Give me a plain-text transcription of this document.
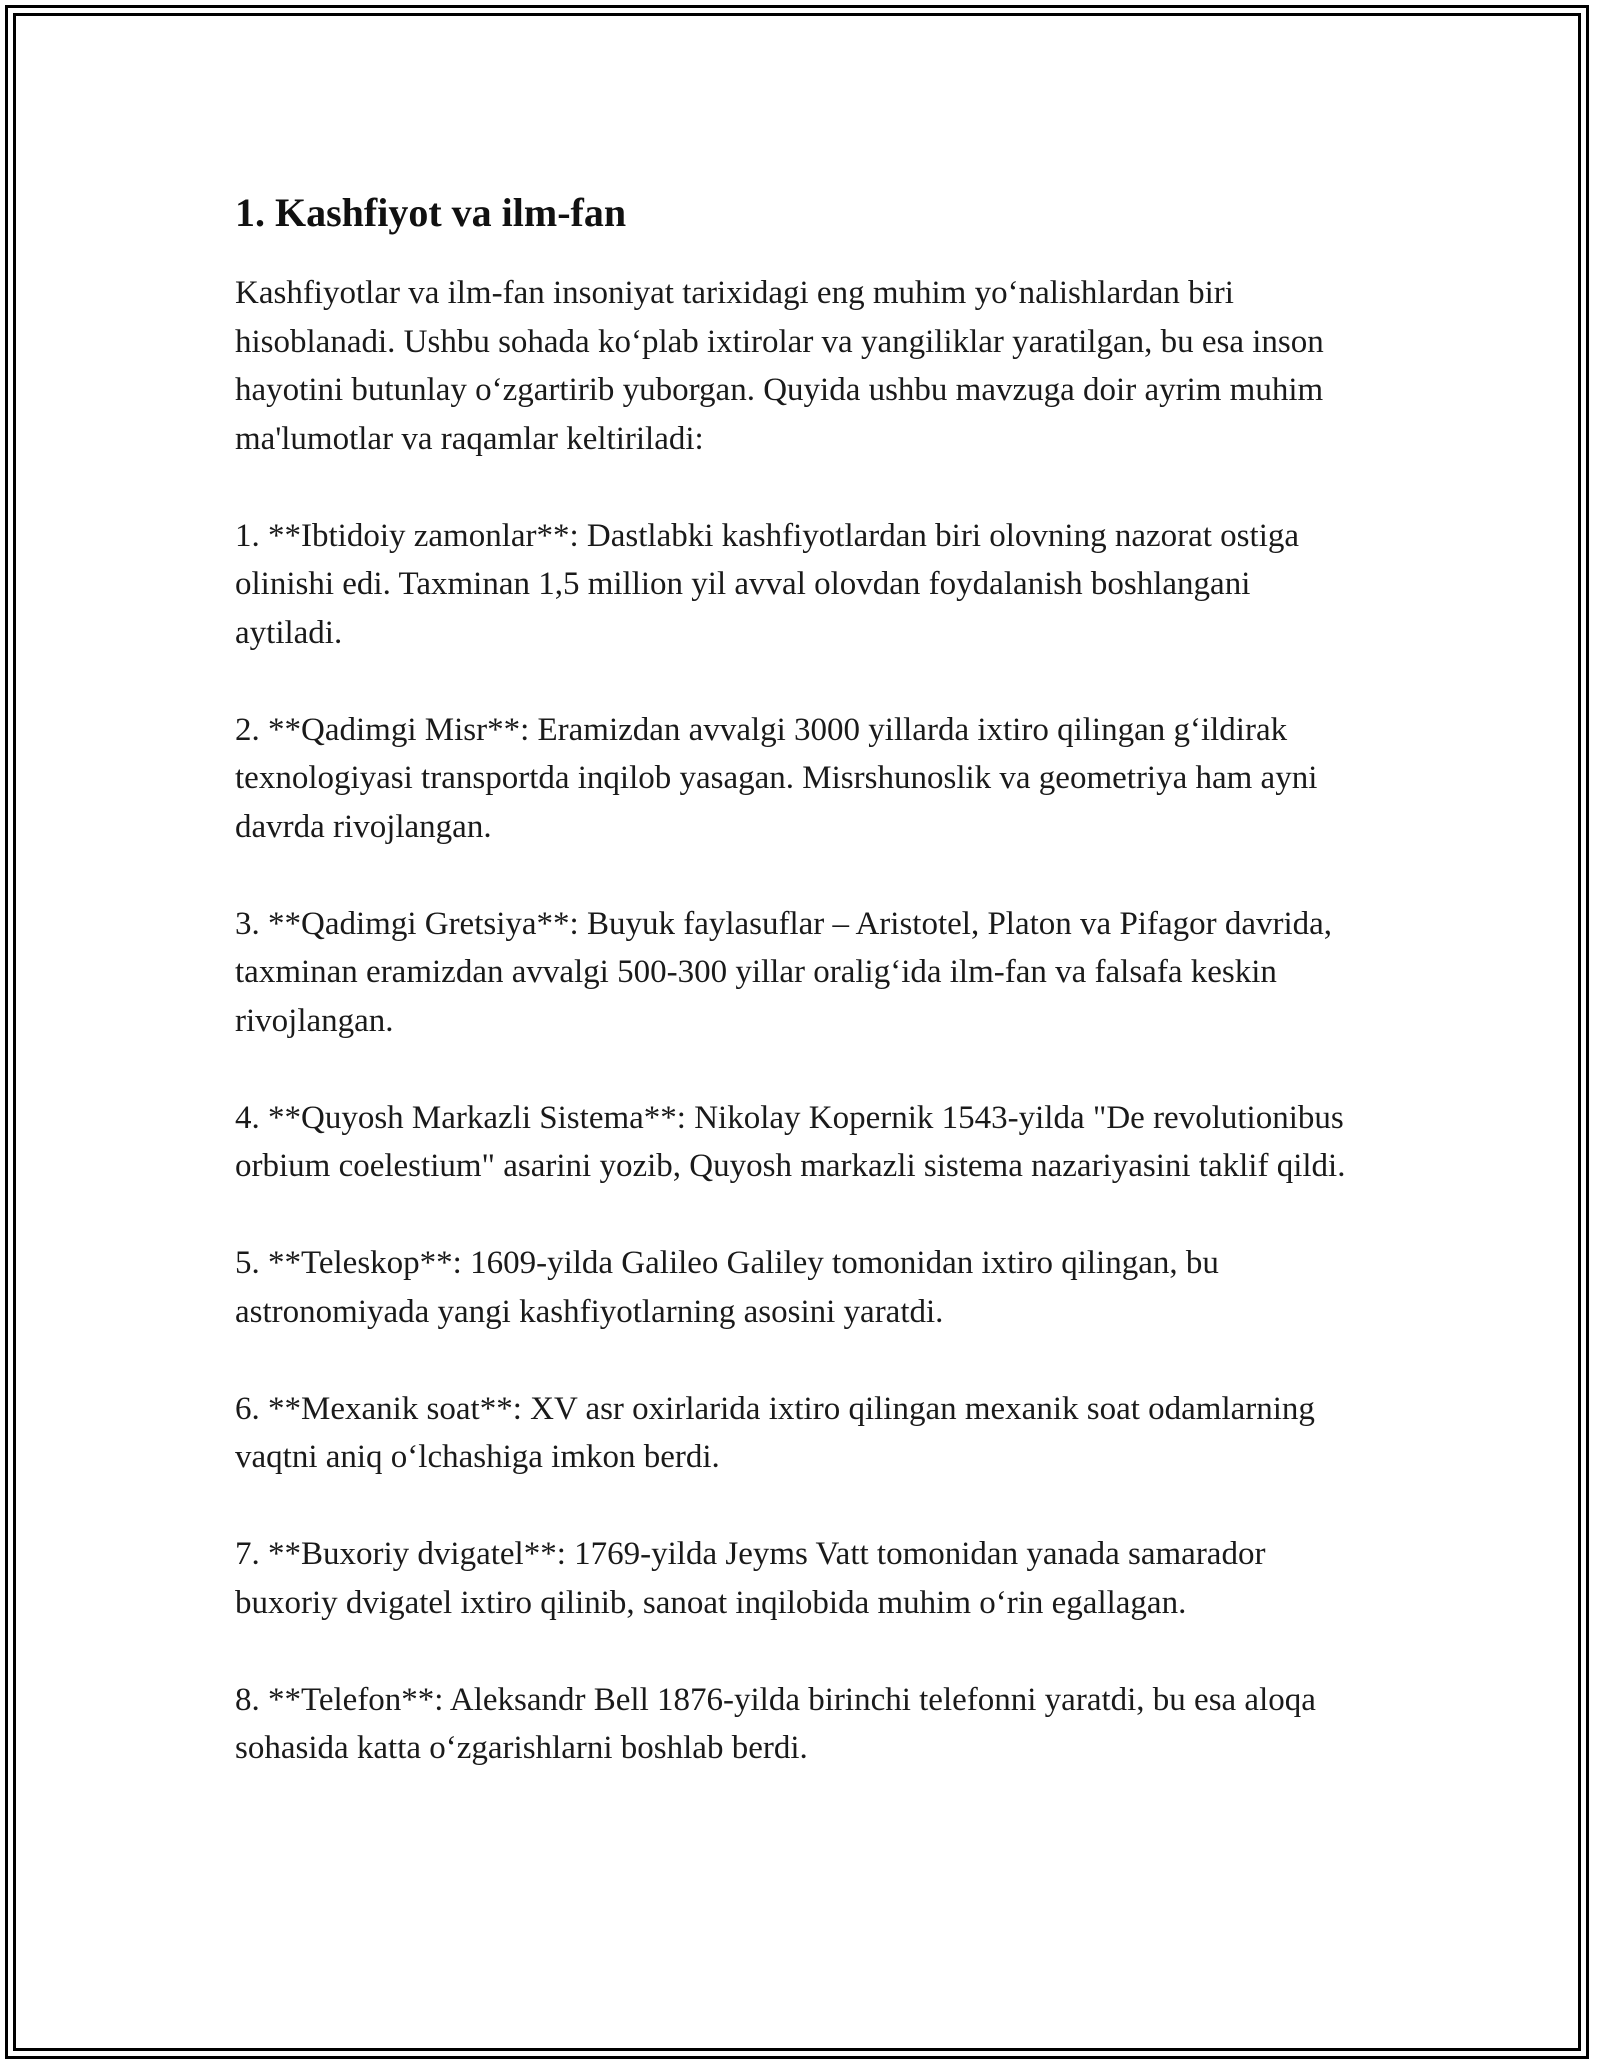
1. Kashfiyot va ilm-fan

Kashfiyotlar va ilm-fan insoniyat tarixidagi eng muhim yo‘nalishlardan biri hisoblanadi. Ushbu sohada ko‘plab ixtirolar va yangiliklar yaratilgan, bu esa inson hayotini butunlay o‘zgartirib yuborgan. Quyida ushbu mavzuga doir ayrim muhim ma'lumotlar va raqamlar keltiriladi:

1. **Ibtidoiy zamonlar**: Dastlabki kashfiyotlardan biri olovning nazorat ostiga olinishi edi. Taxminan 1,5 million yil avval olovdan foydalanish boshlangani aytiladi.

2. **Qadimgi Misr**: Eramizdan avvalgi 3000 yillarda ixtiro qilingan g‘ildirak texnologiyasi transportda inqilob yasagan. Misrshunoslik va geometriya ham ayni davrda rivojlangan.

3. **Qadimgi Gretsiya**: Buyuk faylasuflar – Aristotel, Platon va Pifagor davrida, taxminan eramizdan avvalgi 500-300 yillar oralig‘ida ilm-fan va falsafa keskin rivojlangan.

4. **Quyosh Markazli Sistema**: Nikolay Kopernik 1543-yilda "De revolutionibus orbium coelestium" asarini yozib, Quyosh markazli sistema nazariyasini taklif qildi.

5. **Teleskop**: 1609-yilda Galileo Galiley tomonidan ixtiro qilingan, bu astronomiyada yangi kashfiyotlarning asosini yaratdi.

6. **Mexanik soat**: XV asr oxirlarida ixtiro qilingan mexanik soat odamlarning vaqtni aniq o‘lchashiga imkon berdi.

7. **Buxoriy dvigatel**: 1769-yilda Jeyms Vatt tomonidan yanada samarador buxoriy dvigatel ixtiro qilinib, sanoat inqilobida muhim o‘rin egallagan.

8. **Telefon**: Aleksandr Bell 1876-yilda birinchi telefonni yaratdi, bu esa aloqa sohasida katta o‘zgarishlarni boshlab berdi.
